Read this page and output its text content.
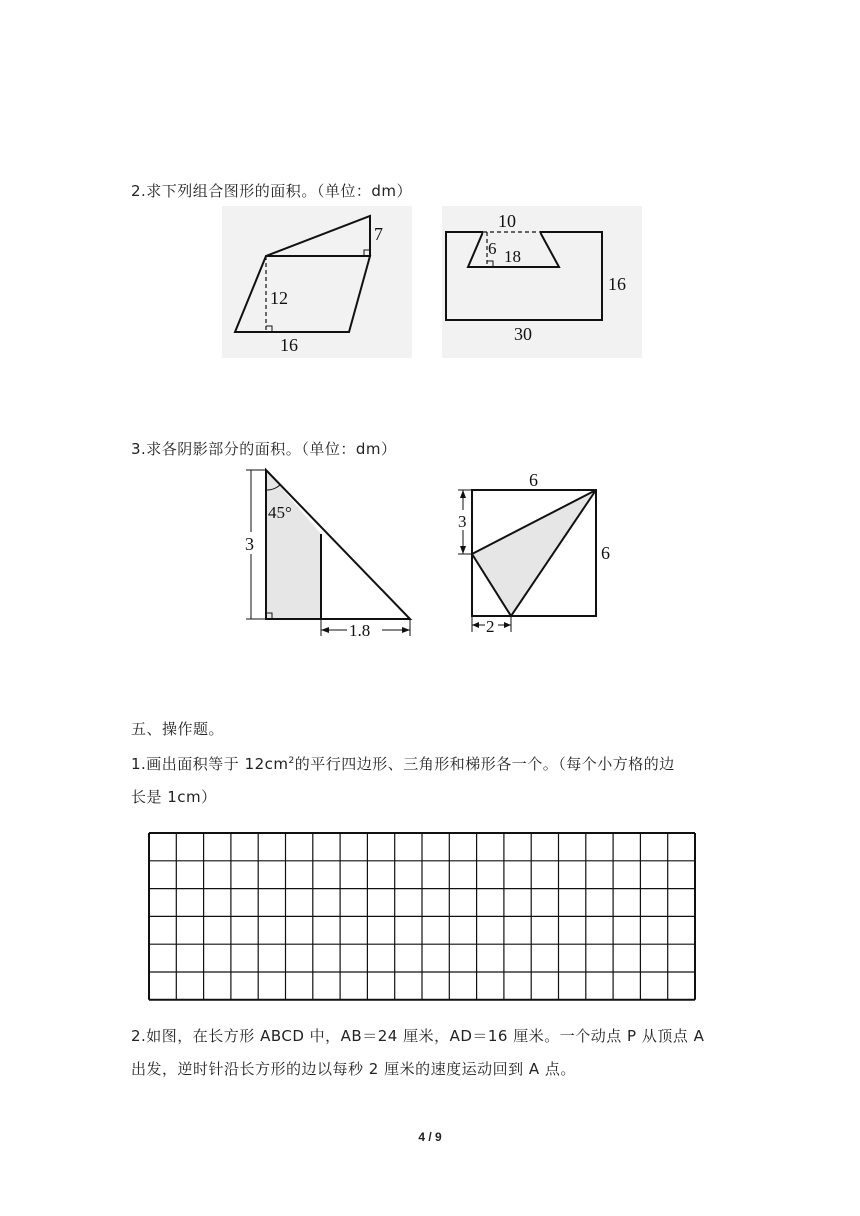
2.求下列组合图形的面积。（单位：dm）
7
12
16
10
6 18
16
30
3.求各阴影部分的面积。（单位：dm）
3
45°
1.8
3
6
6
2
五、操作题。
1.画出面积等于 $12cm^2$的平行四边形、三角形和梯形各一个。（每个小方格的边
长是 1cm）
2.如图，在长方形 ABCD 中，AB＝24 厘米，AD＝16 厘米。一个动点 P 从顶点 A
出发，逆时针沿长方形的边以每秒 2 厘米的速度运动回到 A 点。
4 / 9
